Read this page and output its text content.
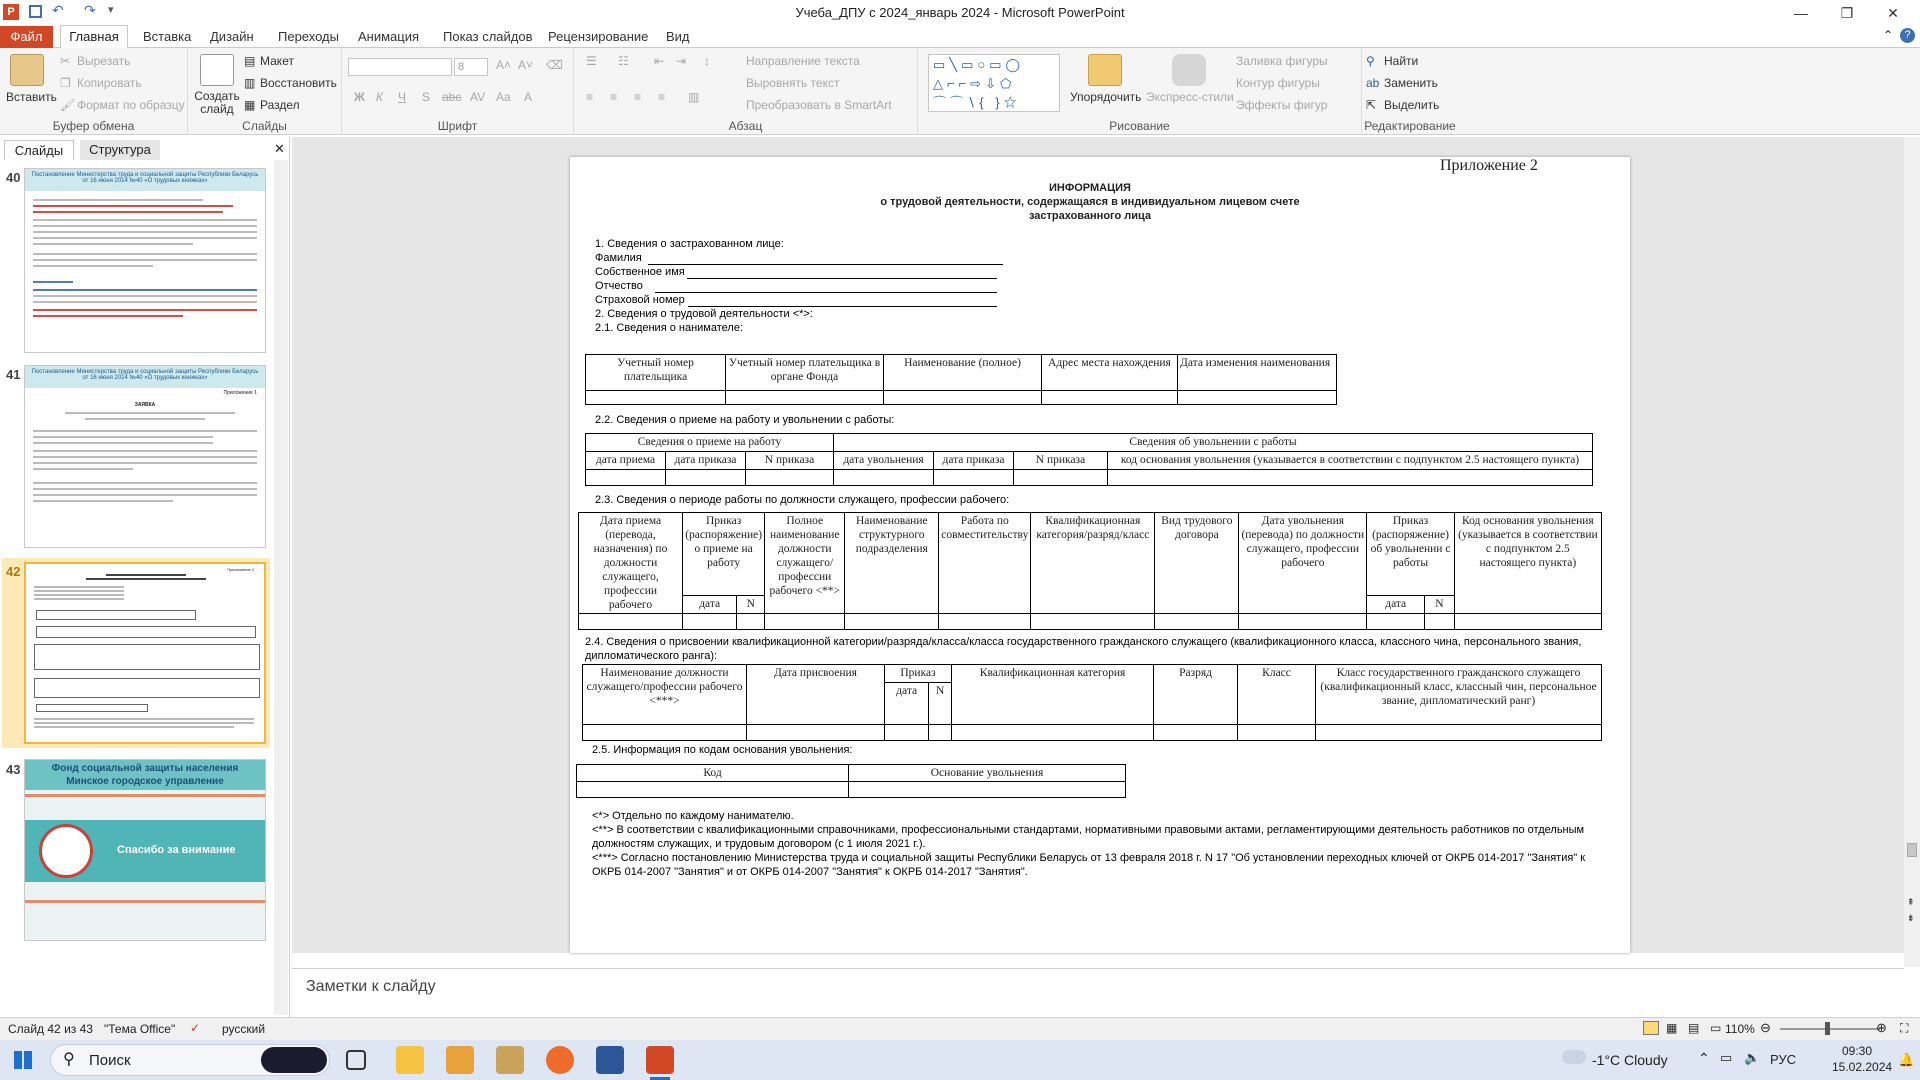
P	↶ ↷ ▾	Учеба_ДПУ с 2024_январь 2024 - Microsoft PowerPoint	—	❐	✕
Вставка Дизайн Переходы Анимация Показ слайдов Рецензирование Вид	⌃	?
Файл	Главная
Вставить
✂ Вырезать
❐ Копировать
🖌 Формат по образцу
Буфер обмена
Создать слайд
▤ Макет
▥ Восстановить
▦ Раздел
Слайды
8	A˄ A˅ ⌫
Ж К Ч S abc AV Aa A
Шрифт
☰ ☷ ⇤ ⇥ ↕	Направление текста
Выровнять текст
Преобразовать в SmartArt
≡ ≡ ≡ ≡ ▥
Абзац
▭╲▭○▭◯
△⌐⌐⇨⇩⬠
⌒⌒∖{ }☆	Упорядочить Экспресс-стили
Заливка фигуры
Контур фигуры
Эффекты фигур
Рисование
⚲ Найти
ab Заменить
⇱ Выделить
Редактирование
Слайды	Структура	✕
40	Постановление Министерства труда и социальной защиты Республики Беларусь от 16 июня 2014 №40 «О трудовых книжках»
41	Постановление Министерства труда и социальной защиты Республики Беларусь от 16 июня 2014 №40 «О трудовых книжках»
Приложение 1
ЗАЯВКА
42	Приложение 2
43	Фонд социальной защиты населения
Минское городское управление
Спасибо за внимание
⇞
⇟
Приложение 2
ИНФОРМАЦИЯ
о трудовой деятельности, содержащаяся в индивидуальном лицевом счете
застрахованного лица
1. Сведения о застрахованном лице:
Фамилия
Собственное имя
Отчество
Страховой номер
2. Сведения о трудовой деятельности <*>:
2.1. Сведения о нанимателе:
Учетный номер плательщика	Учетный номер плательщика в органе Фонда	Наименование (полное)	Адрес места нахождения	Дата изменения наименования

2.2. Сведения о приеме на работу и увольнении с работы:
Сведения о приеме на работу			Сведения об увольнении с работы			
дата приема	дата приказа	N приказа	дата увольнения	дата приказа	N приказа	код основания увольнения (указывается в соответствии с подпунктом 2.5 настоящего пункта)

2.3. Сведения о периоде работы по должности служащего, профессии рабочего:
Дата приема (перевода, назначения) по должности служащего, профессии рабочего	Приказ (распоряжение) о приеме на работу		Полное наименование должности служащего/профессии рабочего <**>	Наименование структурного подразделения	Работа по совместительству	Квалификационная категория/разряд/класс	Вид трудового договора	Дата увольнения (перевода) по должности служащего, профессии рабочего	Приказ (распоряжение) об увольнении с работы		Код основания увольнения (указывается в соответствии с подпунктом 2.5 настоящего пункта)
	дата	N							дата	N	

2.4. Сведения о присвоении квалификационной категории/разряда/класса/класса государственного гражданского служащего (квалификационного класса, классного чина, персонального звания,
дипломатического ранга):
Наименование должности служащего/профессии рабочего <***>	Дата присвоения	Приказ		Квалификационная категория	Разряд	Класс	Класс государственного гражданского служащего (квалификационный класс, классный чин, персональное звание, дипломатический ранг)
		дата	N				

2.5. Информация по кодам основания увольнения:
Код	Основание увольнения

<*> Отдельно по каждому нанимателю.
<**> В соответствии с квалификационными справочниками, профессиональными стандартами, нормативными правовыми актами, регламентирующими деятельность работников по отдельным
должностям служащих, и трудовым договором (с 1 июля 2021 г.).
<***> Согласно постановлению Министерства труда и социальной защиты Республики Беларусь от 13 февраля 2018 г. N 17 "Об установлении переходных ключей от ОКРБ 014-2017 "Занятия" к
ОКРБ 014-2007 "Занятия" и от ОКРБ 014-2007 "Занятия" к ОКРБ 014-2017 "Занятия".
Заметки к слайду
Слайд 42 из 43 "Тема Office" ✓ русский	▦ ▤ ▭ 110% ⊖	⊕ ⛶
⚲ Поиск	-1°C Cloudy ⌃ ▭ 🔈 РУС
09:30
15.02.2024 🔔
